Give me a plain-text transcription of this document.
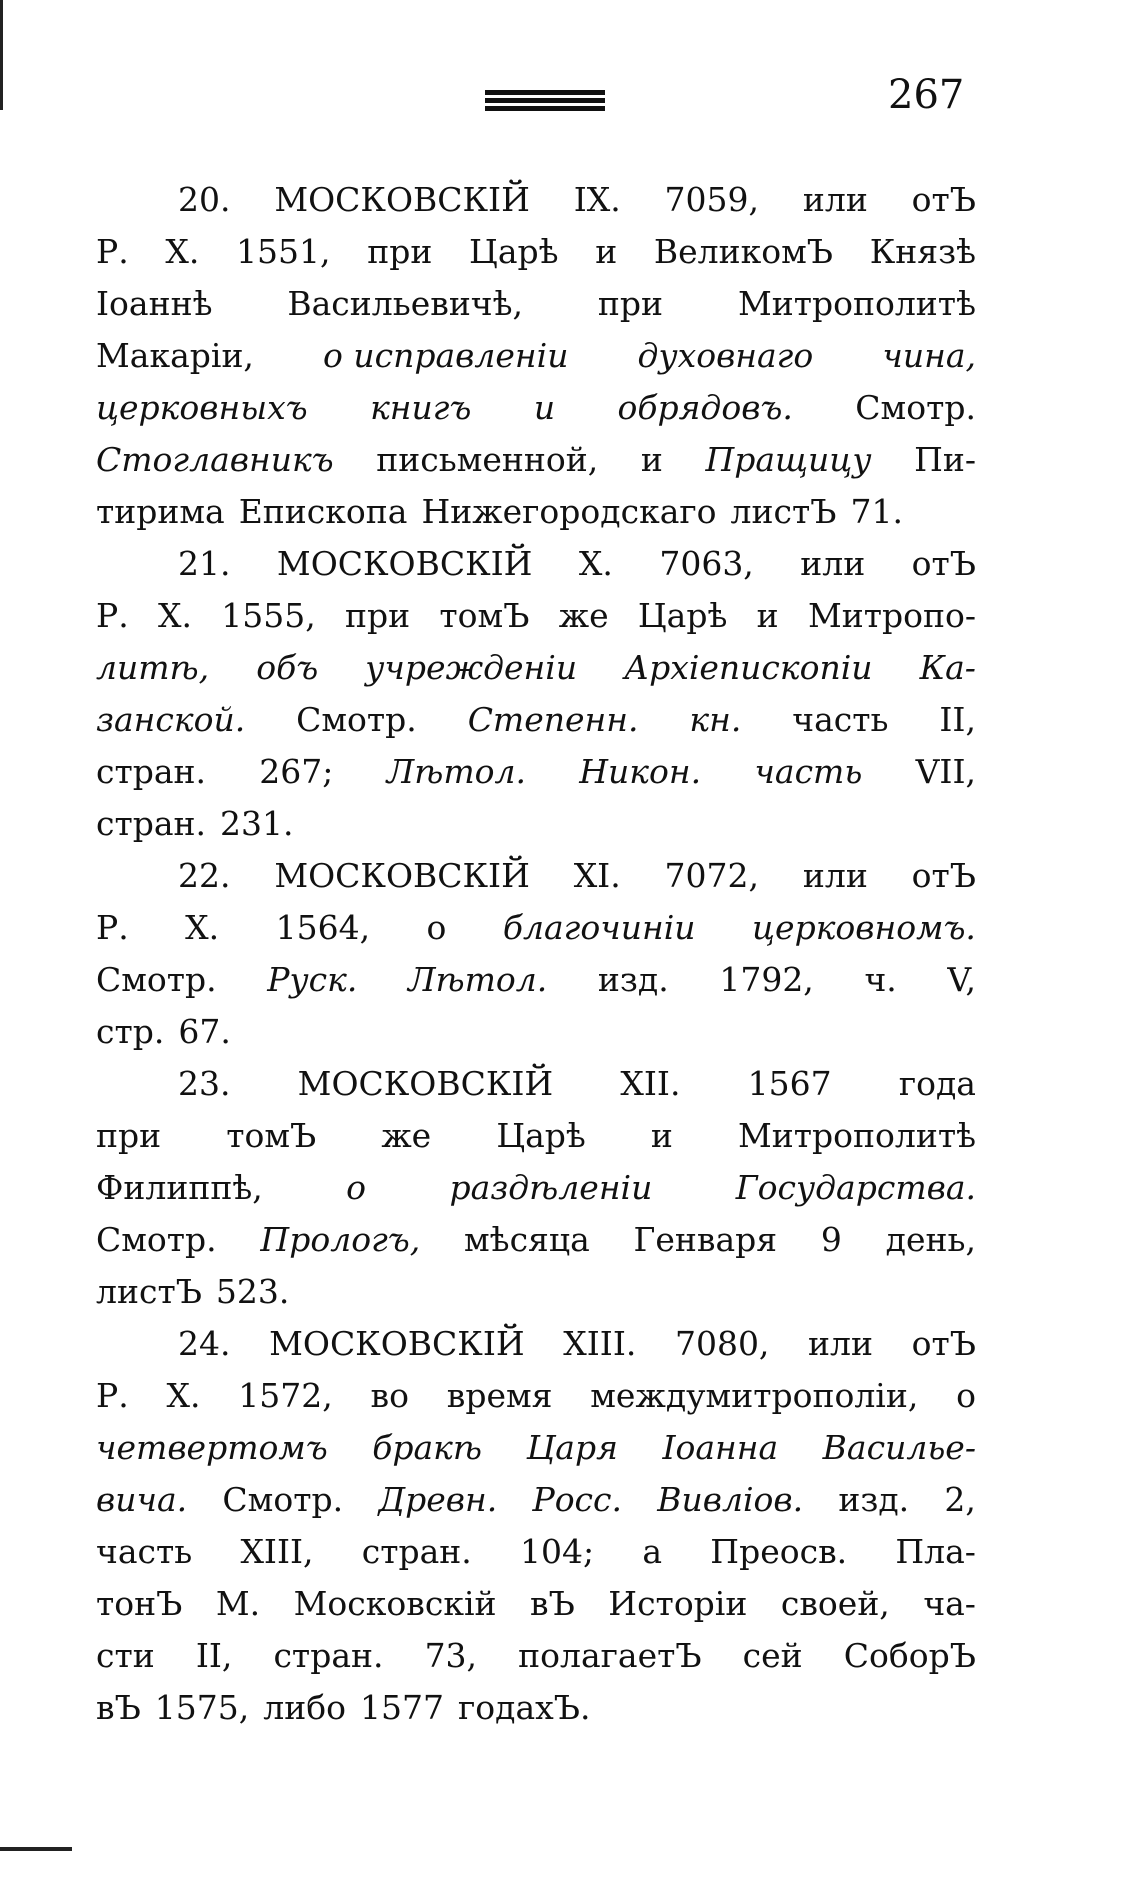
267
20. МОСКОВСКІЙ IX. 7059, или отЪ
Р. Х. 1551, при Царѣ и ВеликомЪ Князѣ
Іоаннѣ Васильевичѣ, при Митрополитѣ
Макаріи, о исправленіи духовнаго чина,
церковныхъ книгъ и обрядовъ. Смотр.
Стоглавникъ письменной, и Пращицу Пи-
тирима Епископа Нижегородскаго листЪ 71.
21. МОСКОВСКІЙ Х. 7063, или отЪ
Р. Х. 1555, при томЪ же Царѣ и Митропо-
литѣ, объ учрежденіи Архіепископіи Ка-
занской. Смотр. Степенн. кн. часть II,
стран. 267; Лѣтол. Никон. часть VII,
стран. 231.
22. МОСКОВСКІЙ XI. 7072, или отЪ
Р. Х. 1564, о благочиніи церковномъ.
Смотр. Руск. Лѣтол. изд. 1792, ч. V,
стр. 67.
23. МОСКОВСКІЙ XII. 1567 года
при томЪ же Царѣ и Митрополитѣ
Филиппѣ,	о	раздѣленіи	Государства.
Смотр. Прологъ, мѣсяца Генваря 9 день,
листЪ 523.
24. МОСКОВСКІЙ XIII. 7080, или отЪ
Р. Х. 1572, во время междумитрополіи, о
четвертомъ бракѣ Царя Іоанна Василье-
вича. Смотр. Древн. Росс. Вивліов. изд. 2,
часть XIII, стран. 104; а Преосв. Пла-
тонЪ М. Московскій вЪ Исторіи своей, ча-
сти II, стран. 73, полагаетЪ сей СоборЪ
вЪ 1575, либо 1577 годахЪ.
